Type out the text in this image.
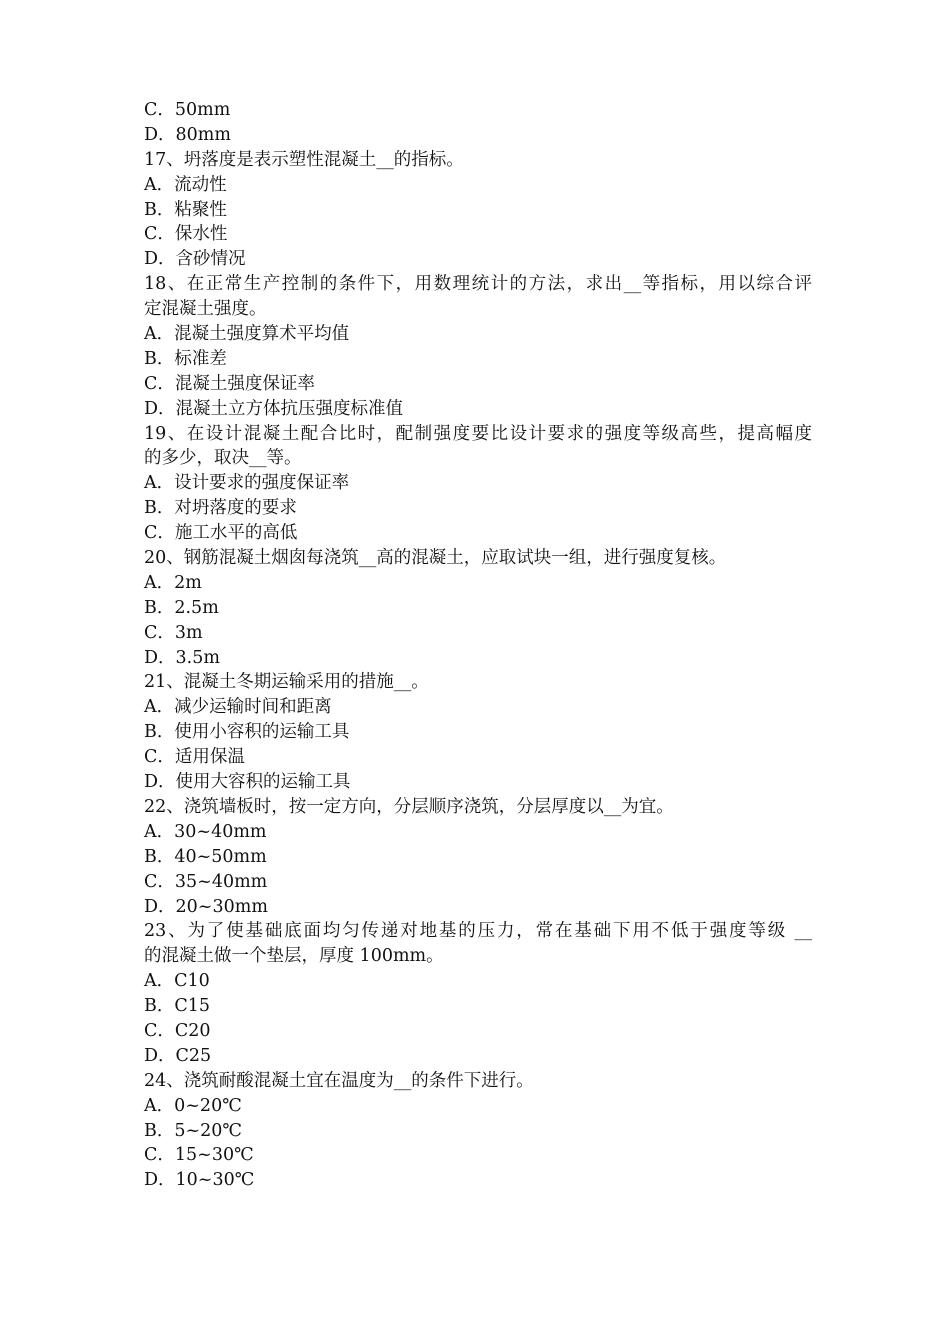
C．50mm
D．80mm
17、坍落度是表示塑性混凝土__的指标。
A．流动性
B．粘聚性
C．保水性
D．含砂情况
18、在正常生产控制的条件下，用数理统计的方法，求出__等指标，用以综合评
定混凝土强度。
A．混凝土强度算术平均值
B．标准差
C．混凝土强度保证率
D．混凝土立方体抗压强度标准值
19、在设计混凝土配合比时，配制强度要比设计要求的强度等级高些，提高幅度
的多少，取决__等。
A．设计要求的强度保证率
B．对坍落度的要求
C．施工水平的高低
20、钢筋混凝土烟囱每浇筑__高的混凝土，应取试块一组，进行强度复核。
A．2m
B．2.5m
C．3m
D．3.5m
21、混凝土冬期运输采用的措施__。
A．减少运输时间和距离
B．使用小容积的运输工具
C．适用保温
D．使用大容积的运输工具
22、浇筑墙板时，按一定方向，分层顺序浇筑，分层厚度以__为宜。
A．30~40mm
B．40~50mm
C．35~40mm
D．20~30mm
23、为了使基础底面均匀传递对地基的压力，常在基础下用不低于强度等级 __
的混凝土做一个垫层，厚度 100mm。
A．C10
B．C15
C．C20
D．C25
24、浇筑耐酸混凝土宜在温度为__的条件下进行。
A．0~20℃
B．5~20℃
C．15~30℃
D．10~30℃
